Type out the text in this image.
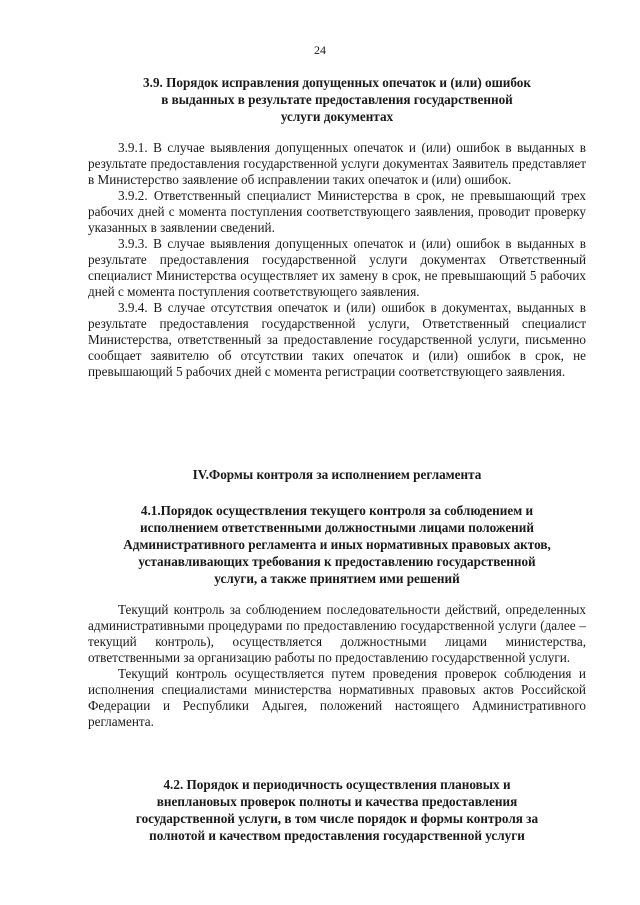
24
3.9. Порядок исправления допущенных опечаток и (или) ошибок
в выданных в результате предоставления государственной
услуги документах

3.9.1. В случае выявления допущенных опечаток и (или) ошибок в выданных в результате предоставления государственной услуги документах Заявитель представляет в Министерство заявление об исправлении таких опечаток и (или) ошибок.

3.9.2. Ответственный специалист Министерства в срок, не превышающий трех рабочих дней с момента поступления соответствующего заявления, проводит проверку указанных в заявлении сведений.

3.9.3. В случае выявления допущенных опечаток и (или) ошибок в выданных в результате предоставления государственной услуги документах Ответственный специалист Министерства осуществляет их замену в срок, не превышающий 5 рабочих дней с момента поступления соответствующего заявления.

3.9.4. В случае отсутствия опечаток и (или) ошибок в документах, выданных в результате предоставления государственной услуги, Ответственный специалист Министерства, ответственный за предоставление государственной услуги, письменно сообщает заявителю об отсутствии таких опечаток и (или) ошибок в срок, не превышающий 5 рабочих дней с момента регистрации соответствующего заявления.

IV.Формы контроля за исполнением регламента
4.1.Порядок осуществления текущего контроля за соблюдением и
исполнением ответственными должностными лицами положений
Административного регламента и иных нормативных правовых актов,
устанавливающих требования к предоставлению государственной
услуги, а также принятием ими решений

Текущий контроль за соблюдением последовательности действий, определенных административными процедурами по предоставлению государственной услуги (далее – текущий контроль), осуществляется должностными лицами министерства, ответственными за организацию работы по предоставлению государственной услуги.

Текущий контроль осуществляется путем проведения проверок соблюдения и исполнения специалистами министерства нормативных правовых актов Российской Федерации и Республики Адыгея, положений настоящего Административного регламента.

4.2. Порядок и периодичность осуществления плановых и
внеплановых проверок полноты и качества предоставления
государственной услуги, в том числе порядок и формы контроля за
полнотой и качеством предоставления государственной услуги
